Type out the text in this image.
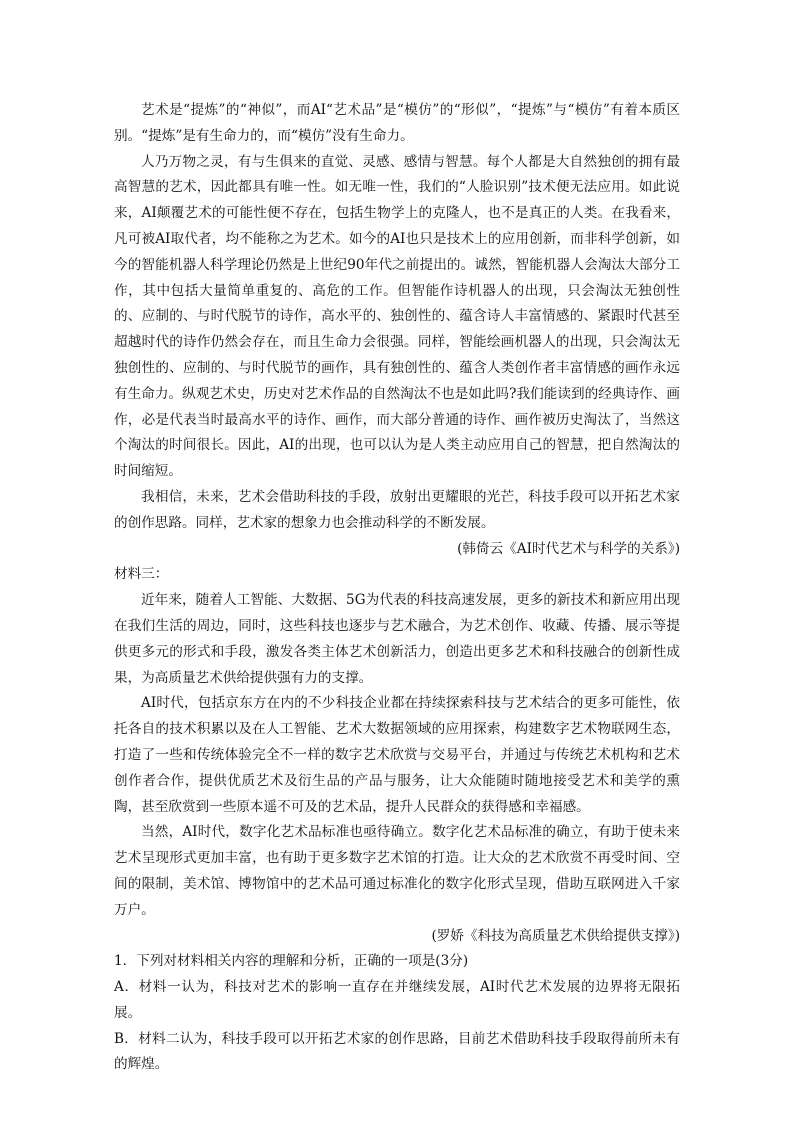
艺术是“提炼”的“神似”，而AI“艺术品”是“模仿”的“形似”，“提炼”与“模仿”有着本质区别。“提炼”是有生命力的，而“模仿”没有生命力。

人乃万物之灵，有与生俱来的直觉、灵感、感情与智慧。每个人都是大自然独创的拥有最高智慧的艺术，因此都具有唯一性。如无唯一性，我们的“人脸识别”技术便无法应用。如此说来，AI颠覆艺术的可能性便不存在，包括生物学上的克隆人，也不是真正的人类。在我看来，凡可被AI取代者，均不能称之为艺术。如今的AI也只是技术上的应用创新，而非科学创新，如今的智能机器人科学理论仍然是上世纪90年代之前提出的。诚然，智能机器人会淘汰大部分工作，其中包括大量简单重复的、高危的工作。但智能作诗机器人的出现，只会淘汰无独创性的、应制的、与时代脱节的诗作，高水平的、独创性的、蕴含诗人丰富情感的、紧跟时代甚至超越时代的诗作仍然会存在，而且生命力会很强。同样，智能绘画机器人的出现，只会淘汰无独创性的、应制的、与时代脱节的画作，具有独创性的、蕴含人类创作者丰富情感的画作永远有生命力。纵观艺术史，历史对艺术作品的自然淘汰不也是如此吗?我们能读到的经典诗作、画作，必是代表当时最高水平的诗作、画作，而大部分普通的诗作、画作被历史淘汰了，当然这个淘汰的时间很长。因此，AI的出现，也可以认为是人类主动应用自己的智慧，把自然淘汰的时间缩短。

我相信，未来，艺术会借助科技的手段，放射出更耀眼的光芒，科技手段可以开拓艺术家的创作思路。同样，艺术家的想象力也会推动科学的不断发展。

(韩倚云《AI时代艺术与科学的关系》)

材料三：

近年来，随着人工智能、大数据、5G为代表的科技高速发展，更多的新技术和新应用出现在我们生活的周边，同时，这些科技也逐步与艺术融合，为艺术创作、收藏、传播、展示等提供更多元的形式和手段，激发各类主体艺术创新活力，创造出更多艺术和科技融合的创新性成果，为高质量艺术供给提供强有力的支撑。

AI时代，包括京东方在内的不少科技企业都在持续探索科技与艺术结合的更多可能性，依托各自的技术积累以及在人工智能、艺术大数据领域的应用探索，构建数字艺术物联网生态，打造了一些和传统体验完全不一样的数字艺术欣赏与交易平台，并通过与传统艺术机构和艺术创作者合作，提供优质艺术及衍生品的产品与服务，让大众能随时随地接受艺术和美学的熏陶，甚至欣赏到一些原本遥不可及的艺术品，提升人民群众的获得感和幸福感。

当然，AI时代，数字化艺术品标准也亟待确立。数字化艺术品标准的确立，有助于使未来艺术呈现形式更加丰富，也有助于更多数字艺术馆的打造。让大众的艺术欣赏不再受时间、空间的限制，美术馆、博物馆中的艺术品可通过标准化的数字化形式呈现，借助互联网进入千家万户。

(罗娇《科技为高质量艺术供给提供支撑》)

1．下列对材料相关内容的理解和分析，正确的一项是(3分)

A．材料一认为，科技对艺术的影响一直存在并继续发展，AI时代艺术发展的边界将无限拓展。

B．材料二认为，科技手段可以开拓艺术家的创作思路，目前艺术借助科技手段取得前所未有的辉煌。
